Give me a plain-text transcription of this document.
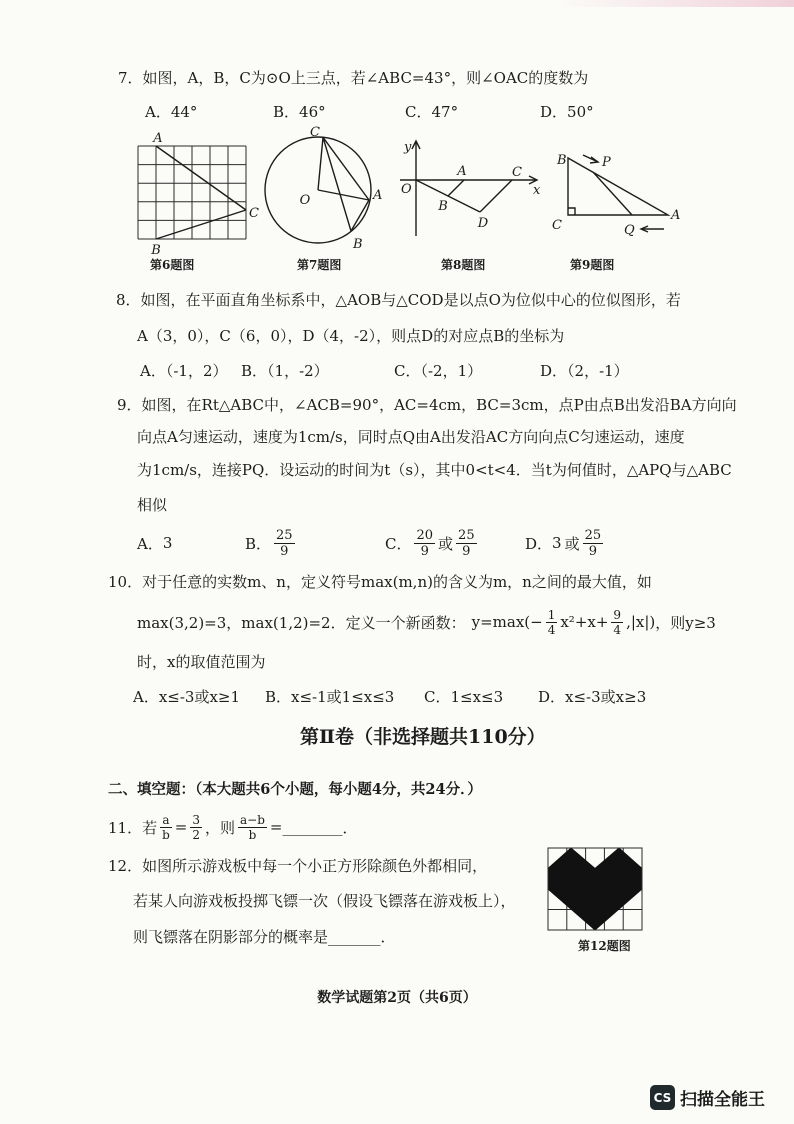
7．如图，A，B，C为⊙O上三点，若∠ABC=43°，则∠OAC的度数为
A．44°	B．46°	C．47°	D．50°
A
C
B
C
O	A
B
y
O
A	C
x
B
D
B	P
C
A
Q
第6题图	第7题图	第8题图	第9题图
8．如图，在平面直角坐标系中，△AOB与△COD是以点O为位似中心的位似图形，若
A（3，0），C（6，0），D（4，-2），则点D的对应点B的坐标为
A．（-1，2） B．（1，-2）	C．（-2，1）	D．（2，-1）
9．如图，在Rt△ABC中，∠ACB=90°，AC=4cm，BC=3cm，点P由点B出发沿BA方向向
向点A匀速运动，速度为1cm/s，同时点Q由A出发沿AC方向向点C匀速运动，速度
为1cm/s，连接PQ．设运动的时间为t（s），其中0<t<4．当t为何值时，△APQ与△ABC
相似
A． 3	B． $\frac{25}{9}$	C． $\frac{20}{9}$ 或 $\frac{25}{9}$	D． 3 或 $\frac{25}{9}$
10．对于任意的实数m、n，定义符号max(m,n)的含义为m，n之间的最大值，如
max(3,2)=3，max(1,2)=2．定义一个新函数： $y=\max(- \frac{1}{4} x^2+x+ \frac{9}{4} ,|x|)$ ，则y≥3
时，x的取值范围为
A．x≤-3或x≥1 B．x≤-1或1≤x≤3 C．1≤x≤3 D．x≤-3或x≥3
第Ⅱ卷（非选择题共110分）
二、填空题：（本大题共6个小题，每小题4分，共24分．）
11．若 $\frac{a}{b} = \frac{3}{2}$ ，则 $\frac{a-b}{b}$ = ________ ．
12．如图所示游戏板中每一个小正方形除颜色外都相同，
若某人向游戏板投掷飞镖一次（假设飞镖落在游戏板上），
则飞镖落在阴影部分的概率是_______．	第12题图
数学试题第2页（共6页）
CS 扫描全能王
